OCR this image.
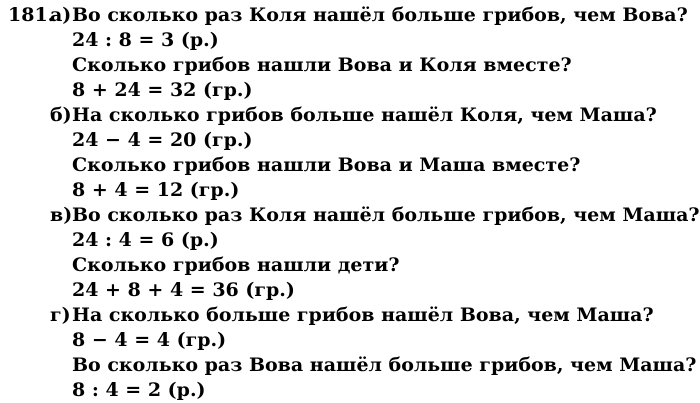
181.
а) Во сколько раз Коля нашёл больше грибов, чем Вова?
24 : 8 = 3 (р.)
Сколько грибов нашли Вова и Коля вместе?
8 + 24 = 32 (гр.)
б) На сколько грибов больше нашёл Коля, чем Маша?
24 − 4 = 20 (гр.)
Сколько грибов нашли Вова и Маша вместе?
8 + 4 = 12 (гр.)
в) Во сколько раз Коля нашёл больше грибов, чем Маша?
24 : 4 = 6 (р.)
Сколько грибов нашли дети?
24 + 8 + 4 = 36 (гр.)
г) На сколько больше грибов нашёл Вова, чем Маша?
8 − 4 = 4 (гр.)
Во сколько раз Вова нашёл больше грибов, чем Маша?
8 : 4 = 2 (р.)
